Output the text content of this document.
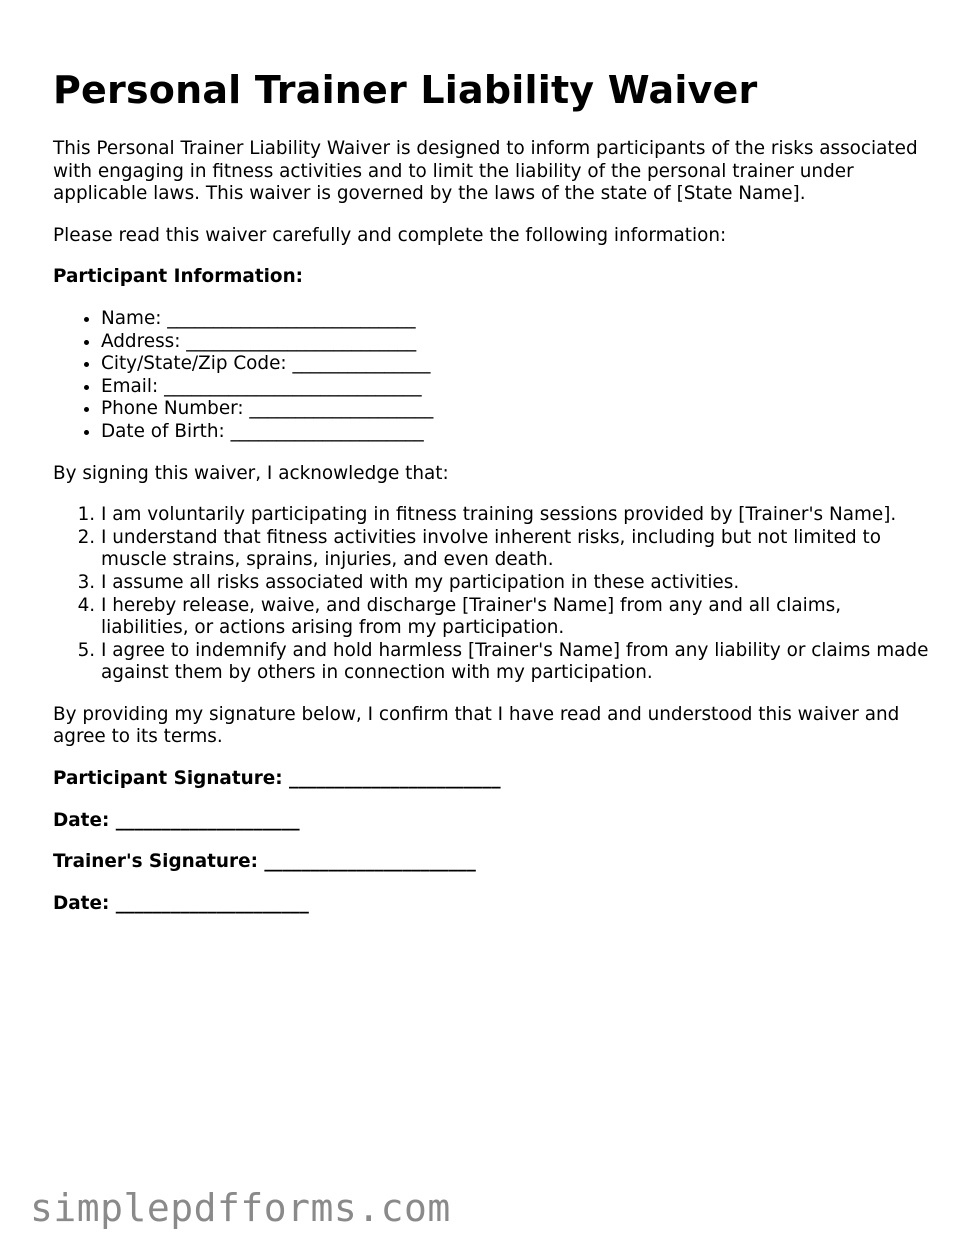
Personal Trainer Liability Waiver

This Personal Trainer Liability Waiver is designed to inform participants of the risks associated with engaging in fitness activities and to limit the liability of the personal trainer under applicable laws. This waiver is governed by the laws of the state of [State Name].

Please read this waiver carefully and complete the following information:

Participant Information:

• Name: ___________________________
• Address: _________________________
• City/State/Zip Code: _______________
• Email: ____________________________
• Phone Number: ____________________
• Date of Birth: _____________________

By signing this waiver, I acknowledge that:

1. I am voluntarily participating in fitness training sessions provided by [Trainer's Name].
2. I understand that fitness activities involve inherent risks, including but not limited to muscle strains, sprains, injuries, and even death.
3. I assume all risks associated with my participation in these activities.
4. I hereby release, waive, and discharge [Trainer's Name] from any and all claims, liabilities, or actions arising from my participation.
5. I agree to indemnify and hold harmless [Trainer's Name] from any liability or claims made against them by others in connection with my participation.

By providing my signature below, I confirm that I have read and understood this waiver and agree to its terms.

Participant Signature: _______________________
Date: ____________________
Trainer's Signature: _______________________
Date: _____________________
simplepdfforms.com
